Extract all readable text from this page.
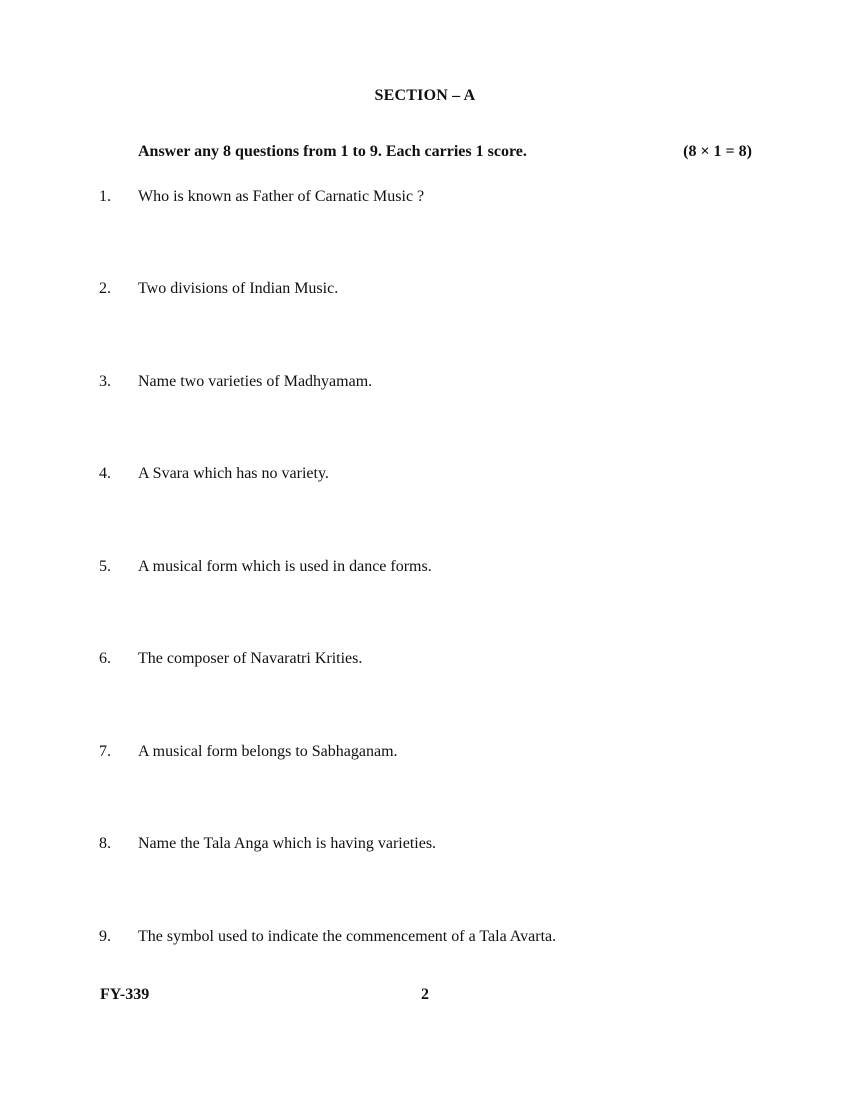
SECTION – A
Answer any 8 questions from 1 to 9. Each carries 1 score.	(8 × 1 = 8)
1. Who is known as Father of Carnatic Music ?
2. Two divisions of Indian Music.
3. Name two varieties of Madhyamam.
4. A Svara which has no variety.
5. A musical form which is used in dance forms.
6. The composer of Navaratri Krities.
7. A musical form belongs to Sabhaganam.
8. Name the Tala Anga which is having varieties.
9. The symbol used to indicate the commencement of a Tala Avarta.
FY-339	2
